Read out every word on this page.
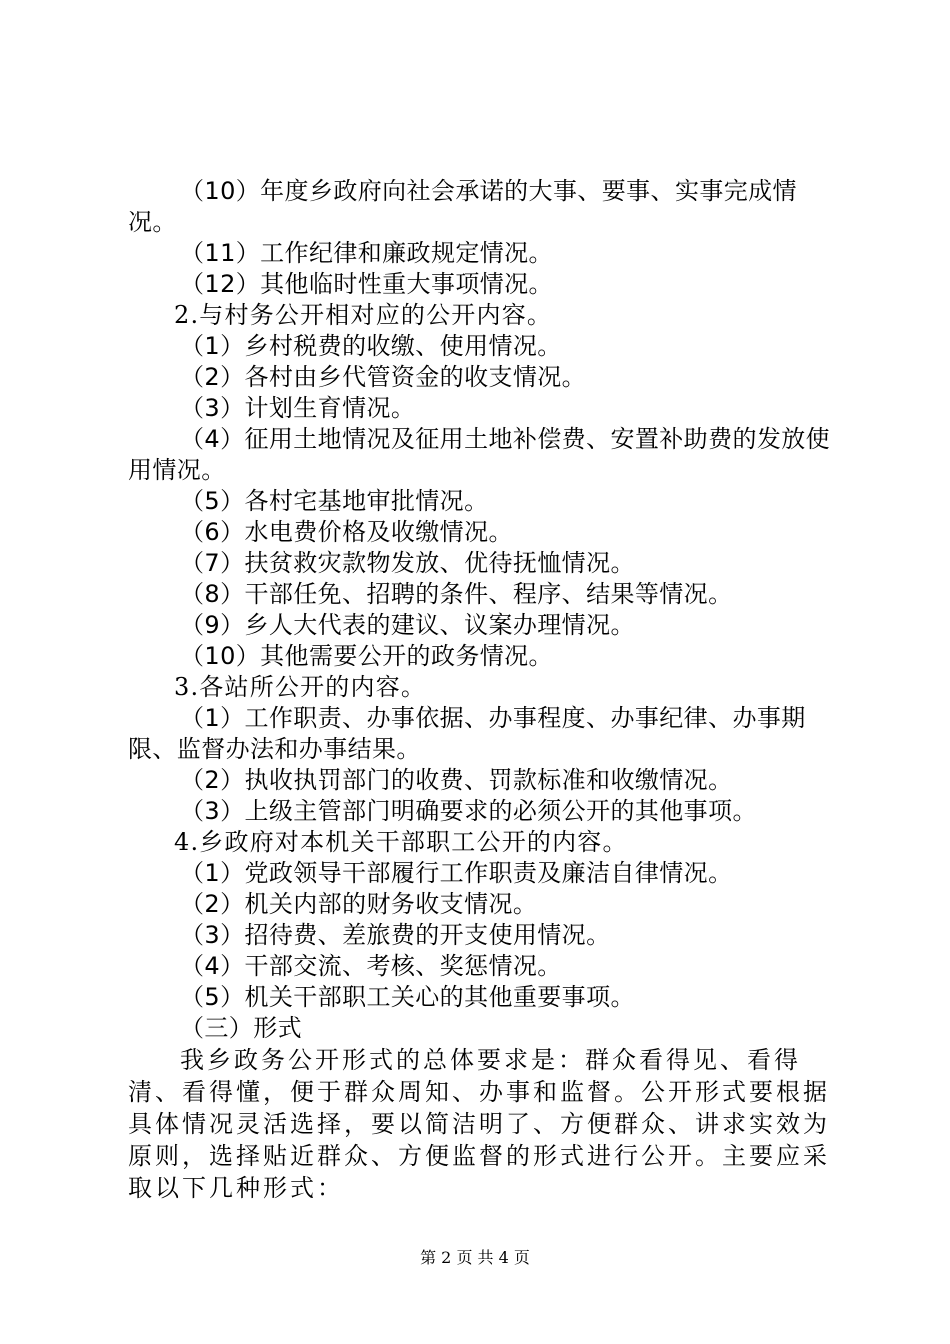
（10）年度乡政府向社会承诺的大事、要事、实事完成情况。

（11）工作纪律和廉政规定情况。

（12）其他临时性重大事项情况。

2.与村务公开相对应的公开内容。

（1）乡村税费的收缴、使用情况。

（2）各村由乡代管资金的收支情况。

（3）计划生育情况。

（4）征用土地情况及征用土地补偿费、安置补助费的发放使用情况。

（5）各村宅基地审批情况。

（6）水电费价格及收缴情况。

（7）扶贫救灾款物发放、优待抚恤情况。

（8）干部任免、招聘的条件、程序、结果等情况。

（9）乡人大代表的建议、议案办理情况。

（10）其他需要公开的政务情况。

3.各站所公开的内容。

（1）工作职责、办事依据、办事程度、办事纪律、办事期限、监督办法和办事结果。

（2）执收执罚部门的收费、罚款标准和收缴情况。

（3）上级主管部门明确要求的必须公开的其他事项。

4.乡政府对本机关干部职工公开的内容。

（1）党政领导干部履行工作职责及廉洁自律情况。

（2）机关内部的财务收支情况。

（3）招待费、差旅费的开支使用情况。

（4）干部交流、考核、奖惩情况。

（5）机关干部职工关心的其他重要事项。

（三）形式

我乡政务公开形式的总体要求是：群众看得见、看得清、看得懂，便于群众周知、办事和监督。公开形式要根据具体情况灵活选择，要以简洁明了、方便群众、讲求实效为原则，选择贴近群众、方便监督的形式进行公开。主要应采取以下几种形式：

第 2 页 共 4 页
